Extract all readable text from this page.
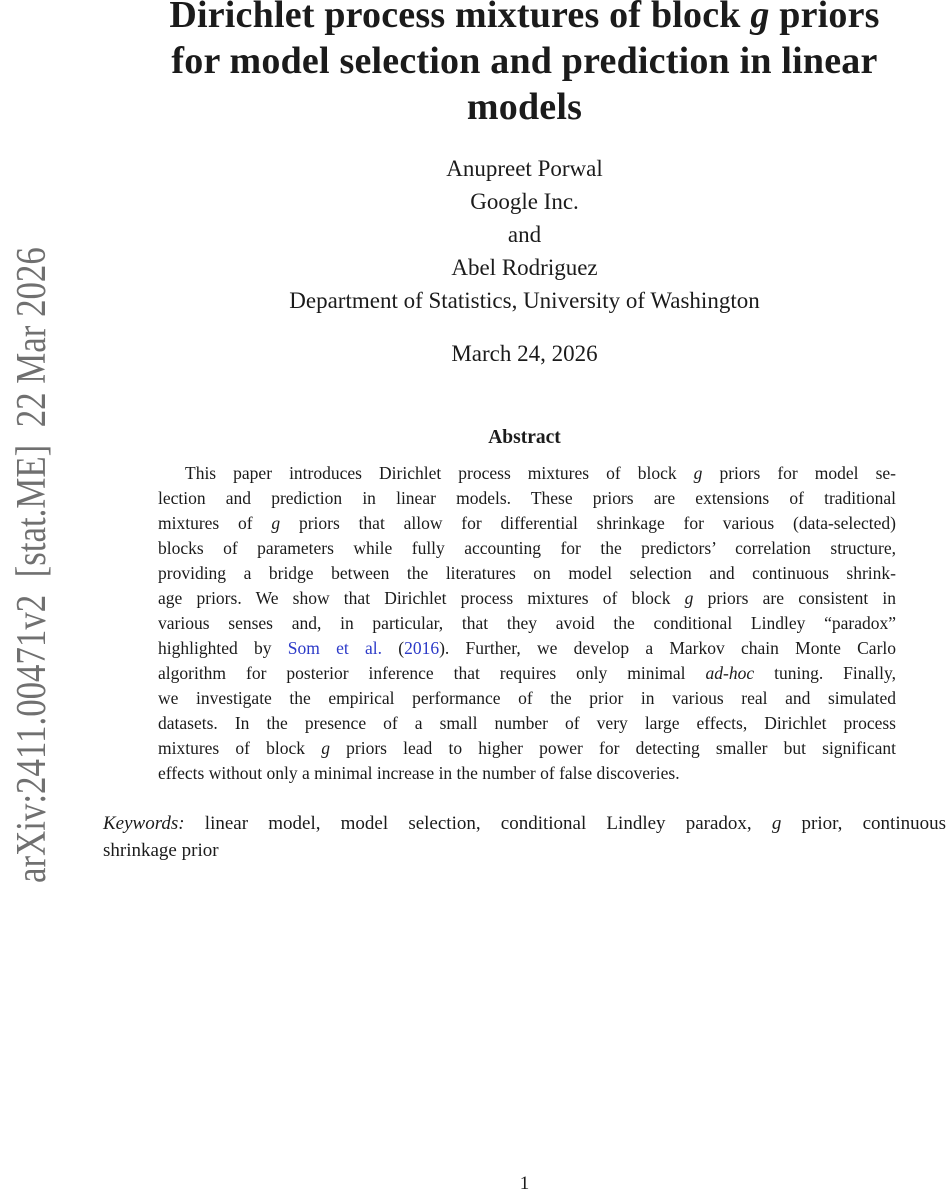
arXiv:2411.00471v2  [stat.ME]  22 Mar 2026
Dirichlet process mixtures of block g priors
for model selection and prediction in linear
models
Anupreet Porwal
Google Inc.
and
Abel Rodriguez
Department of Statistics, University of Washington
March 24, 2026
Abstract
This paper introduces Dirichlet process mixtures of block g priors for model se-
lection and prediction in linear models. These priors are extensions of traditional
mixtures of g priors that allow for differential shrinkage for various (data-selected)
blocks of parameters while fully accounting for the predictors’ correlation structure,
providing a bridge between the literatures on model selection and continuous shrink-
age priors. We show that Dirichlet process mixtures of block g priors are consistent in
various senses and, in particular, that they avoid the conditional Lindley “paradox”
highlighted by Som et al. (2016). Further, we develop a Markov chain Monte Carlo
algorithm for posterior inference that requires only minimal ad-hoc tuning. Finally,
we investigate the empirical performance of the prior in various real and simulated
datasets. In the presence of a small number of very large effects, Dirichlet process
mixtures of block g priors lead to higher power for detecting smaller but significant
effects without only a minimal increase in the number of false discoveries.
Keywords: linear model, model selection, conditional Lindley paradox, g prior, continuous
shrinkage prior
1
